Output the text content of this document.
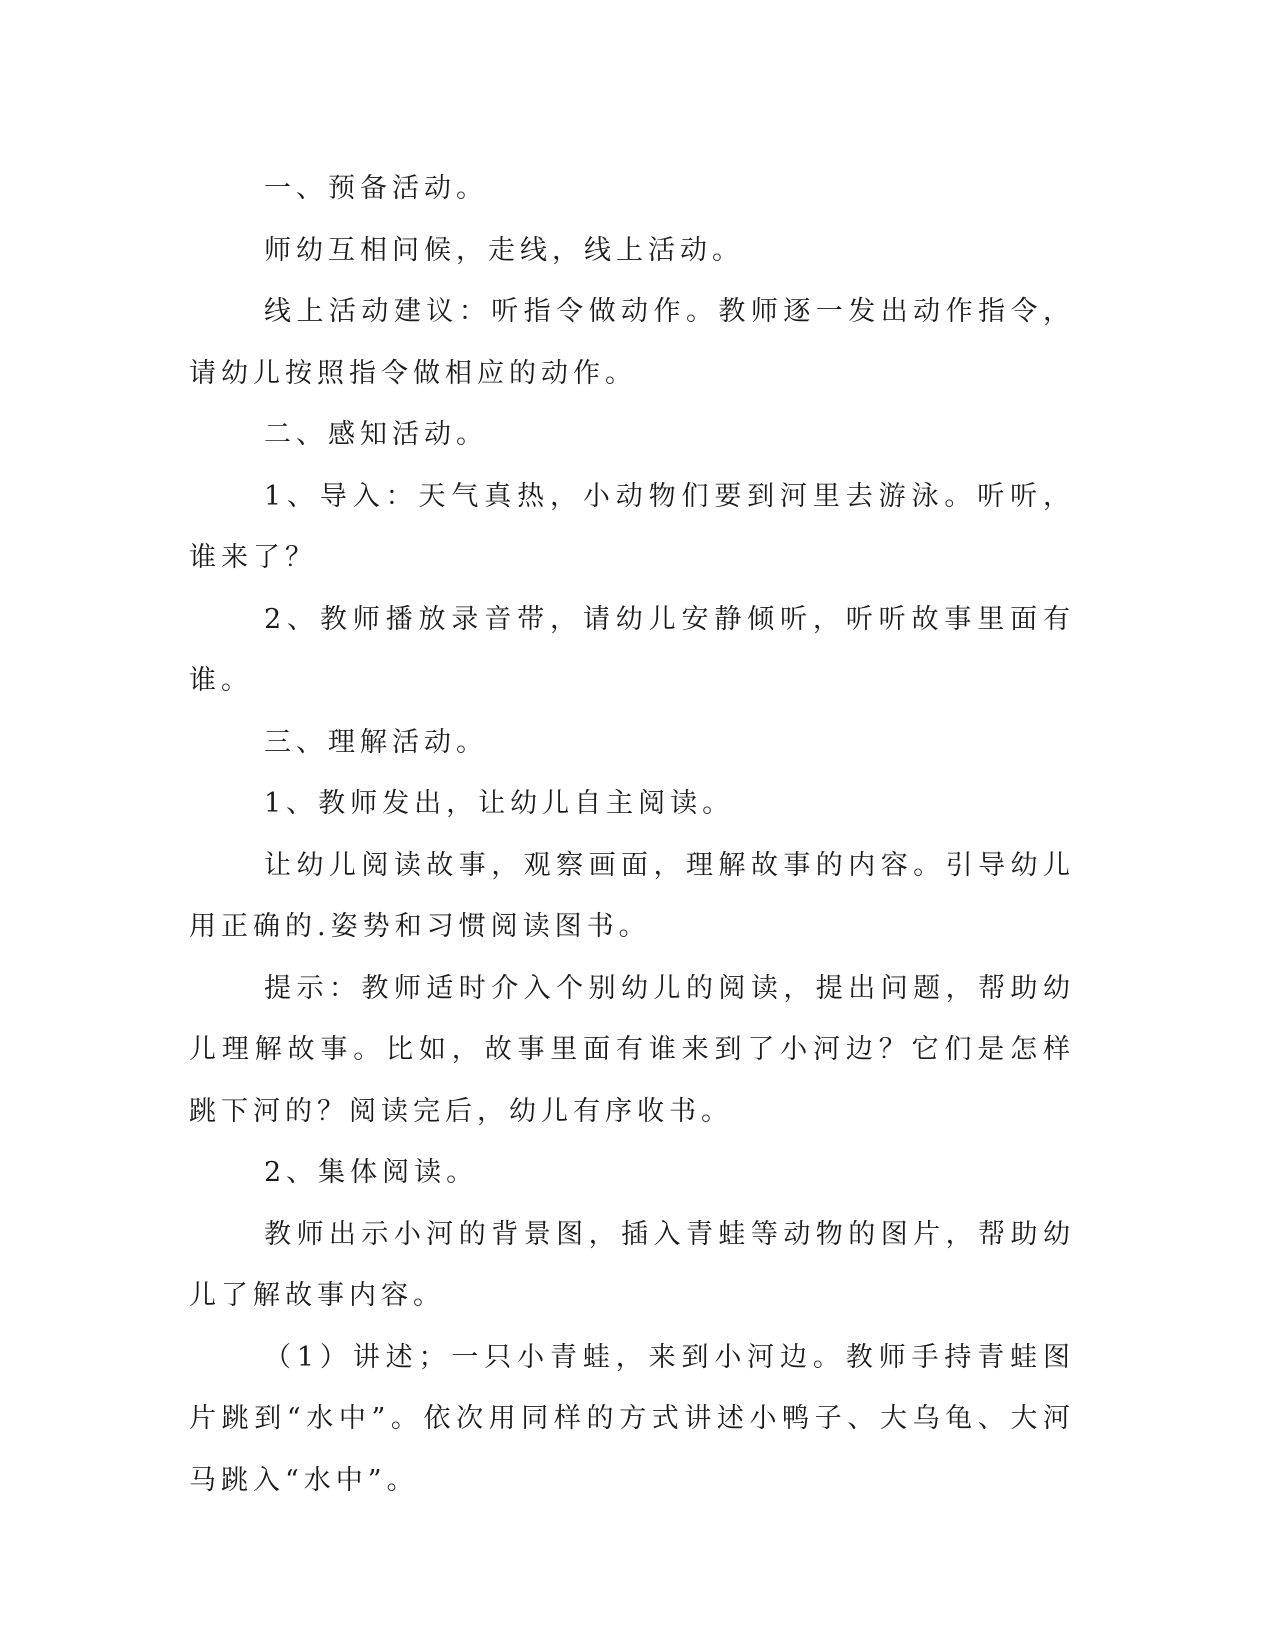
一、预备活动。

师幼互相问候，走线，线上活动。

线上活动建议：听指令做动作。教师逐一发出动作指令，请幼儿按照指令做相应的动作。

二、感知活动。

1、导入：天气真热，小动物们要到河里去游泳。听听，谁来了？

2、教师播放录音带，请幼儿安静倾听，听听故事里面有谁。

三、理解活动。

1、教师发出，让幼儿自主阅读。

让幼儿阅读故事，观察画面，理解故事的内容。引导幼儿用正确的.姿势和习惯阅读图书。

提示：教师适时介入个别幼儿的阅读，提出问题，帮助幼儿理解故事。比如，故事里面有谁来到了小河边？它们是怎样跳下河的？阅读完后，幼儿有序收书。

2、集体阅读。

教师出示小河的背景图，插入青蛙等动物的图片，帮助幼儿了解故事内容。

（1）讲述；一只小青蛙，来到小河边。教师手持青蛙图片跳到“水中”。依次用同样的方式讲述小鸭子、大乌龟、大河马跳入“水中”。
